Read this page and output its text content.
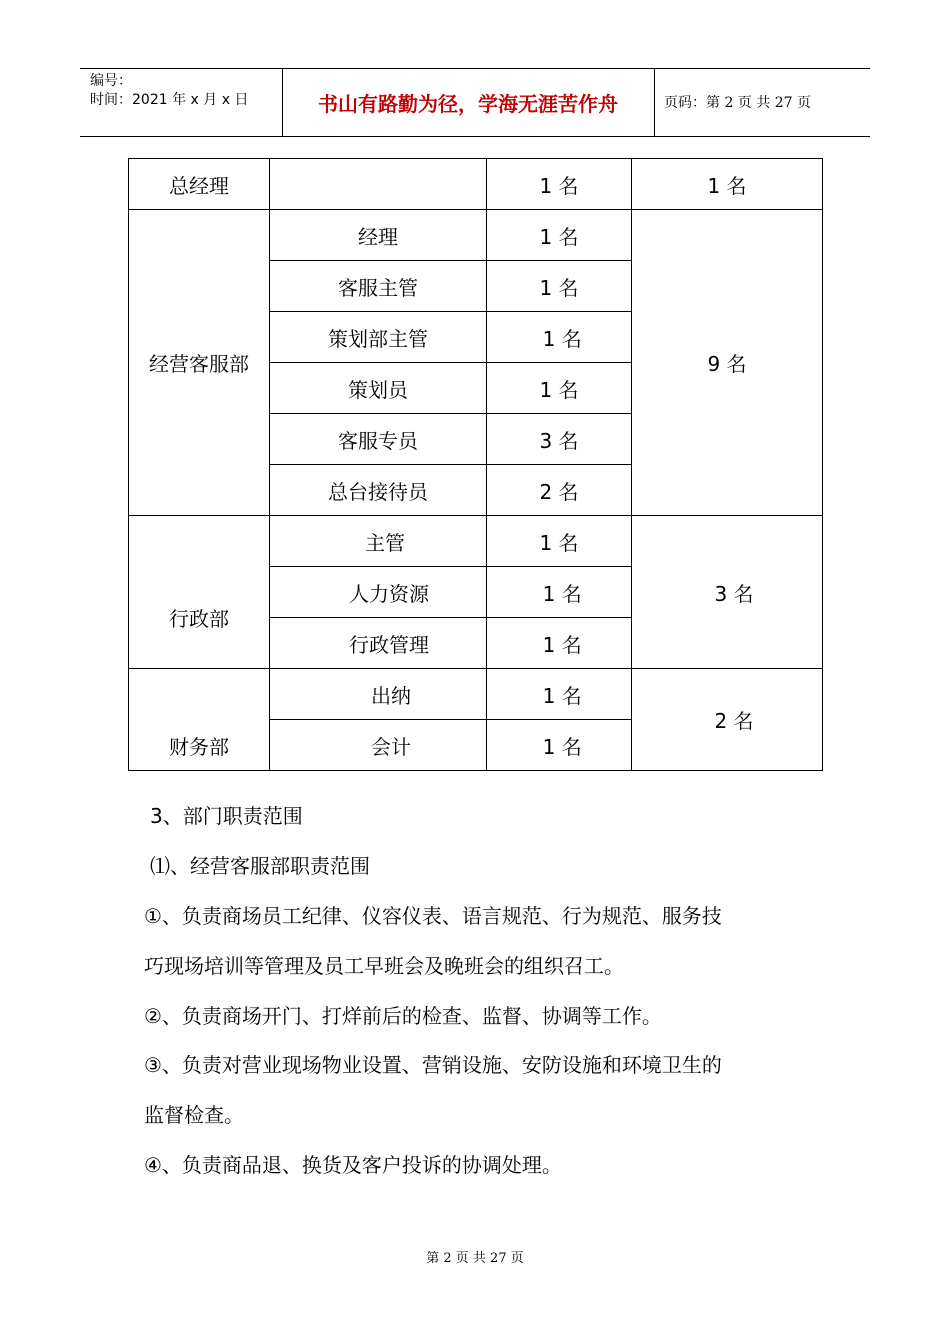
编号：
时间：2021 年 x 月 x 日	书山有路勤为径，学海无涯苦作舟	页码：第 2 页 共 27 页
总经理		1 名	1 名
经营客服部	经理	1 名	9 名
	客服主管	1 名	
	策划部主管	1 名	
	策划员	1 名	
	客服专员	3 名	
	总台接待员	2 名	
行政部	主管	1 名	3 名
	人力资源	1 名	
	行政管理	1 名	
财务部	出纳	1 名	2 名
	会计	1 名	
3、部门职责范围
⑴、经营客服部职责范围
①、负责商场员工纪律、仪容仪表、语言规范、行为规范、服务技
巧现场培训等管理及员工早班会及晚班会的组织召工。
②、负责商场开门、打烊前后的检查、监督、协调等工作。
③、负责对营业现场物业设置、营销设施、安防设施和环境卫生的
监督检查。
④、负责商品退、换货及客户投诉的协调处理。
第 2 页 共 27 页
